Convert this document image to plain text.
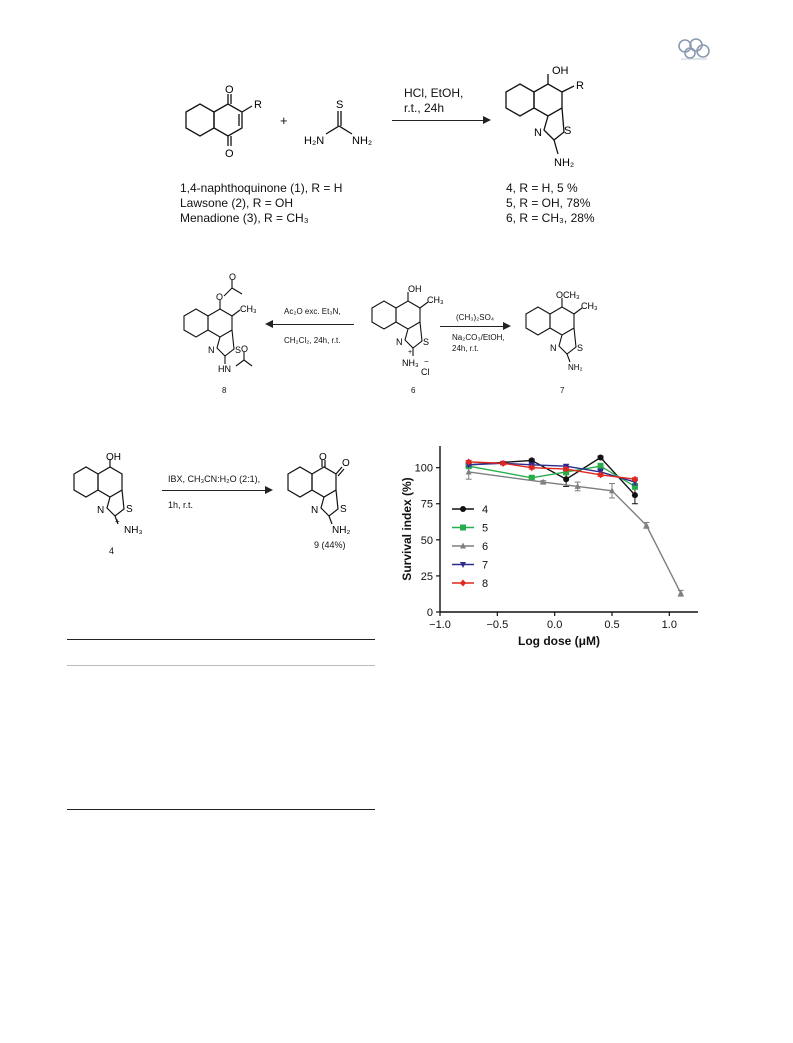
O
O
R
+
S
H₂N	NH₂
HCl, EtOH,
r.t., 24h
OH
R
S
N
NH₂
1,4-naphthoquinone (1), R = H
Lawsone (2), R = OH
Menadione (3), R = CH₃
4, R = H, 5 %
5, R = OH, 78%
6, R = CH₃, 28%
O
O
CH₃
S
N
HN
O
8
Ac₂O exc. Et₃N,
CH₂Cl₂, 24h, r.t.
OH
CH₃
S
N
+
NH₃ −
Cl
6
(CH₃)₂SO₄
Na₂CO₃/EtOH,
24h, r.t.
OCH₃
CH₃
S
N
NH₂
7
OH
S
N
+
NH₃
4
IBX, CH₃CN:H₂O (2:1),
1h, r.t.
O
O
S
N
NH₂
9 (44%)
−1.0	−0.5	0.0	0.5	1.0
0
25
50
75
100
Log dose (μM)
Survival index (%)	4
5
6
7
8
